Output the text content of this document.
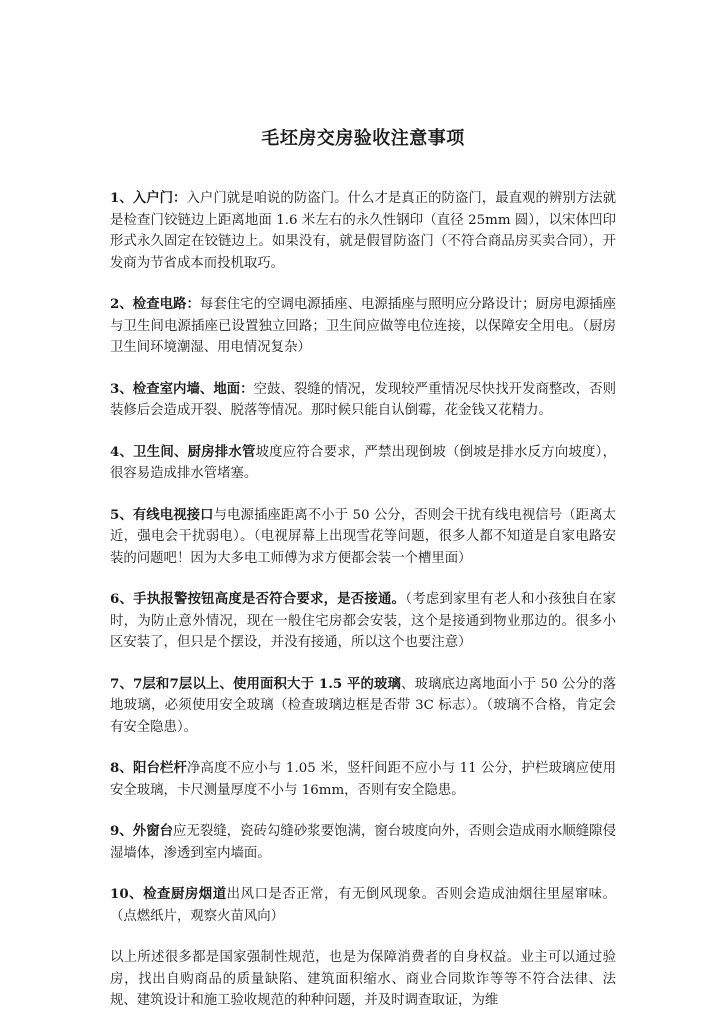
毛坯房交房验收注意事项

1、入户门：入户门就是咱说的防盗门。什么才是真正的防盗门，最直观的辨别方法就是检查门铰链边上距离地面 1.6 米左右的永久性钢印（直径 25mm 圆），以宋体凹印形式永久固定在铰链边上。如果没有，就是假冒防盗门（不符合商品房买卖合同），开发商为节省成本而投机取巧。

2、检查电路：每套住宅的空调电源插座、电源插座与照明应分路设计；厨房电源插座与卫生间电源插座已设置独立回路；卫生间应做等电位连接，以保障安全用电。（厨房卫生间环境潮湿、用电情况复杂）

3、检查室内墙、地面：空鼓、裂缝的情况，发现较严重情况尽快找开发商整改，否则装修后会造成开裂、脱落等情况。那时候只能自认倒霉，花金钱又花精力。

4、卫生间、厨房排水管坡度应符合要求，严禁出现倒坡（倒坡是排水反方向坡度），很容易造成排水管堵塞。

5、有线电视接口与电源插座距离不小于 50 公分，否则会干扰有线电视信号（距离太近，强电会干扰弱电）。（电视屏幕上出现雪花等问题，很多人都不知道是自家电路安装的问题吧！因为大多电工师傅为求方便都会装一个槽里面）

6、手执报警按钮高度是否符合要求，是否接通。（考虑到家里有老人和小孩独自在家时，为防止意外情况，现在一般住宅房都会安装，这个是接通到物业那边的。很多小区安装了，但只是个摆设，并没有接通，所以这个也要注意）

7、7层和7层以上、使用面积大于 1.5 平的玻璃、玻璃底边离地面小于 50 公分的落地玻璃，必须使用安全玻璃（检查玻璃边框是否带 3C 标志）。（玻璃不合格，肯定会有安全隐患）。

8、阳台栏杆净高度不应小与 1.05 米，竖杆间距不应小与 11 公分，护栏玻璃应使用安全玻璃，卡尺测量厚度不小与 16mm，否则有安全隐患。

9、外窗台应无裂缝，瓷砖勾缝砂浆要饱满，窗台坡度向外，否则会造成雨水顺缝隙侵湿墙体，渗透到室内墙面。

10、检查厨房烟道出风口是否正常，有无倒风现象。否则会造成油烟往里屋窜味。（点燃纸片，观察火苗风向）

以上所述很多都是国家强制性规范，也是为保障消费者的自身权益。业主可以通过验房，找出自购商品的质量缺陷、建筑面积缩水、商业合同欺诈等等不符合法律、法规、建筑设计和施工验收规范的种种问题，并及时调查取证，为维
